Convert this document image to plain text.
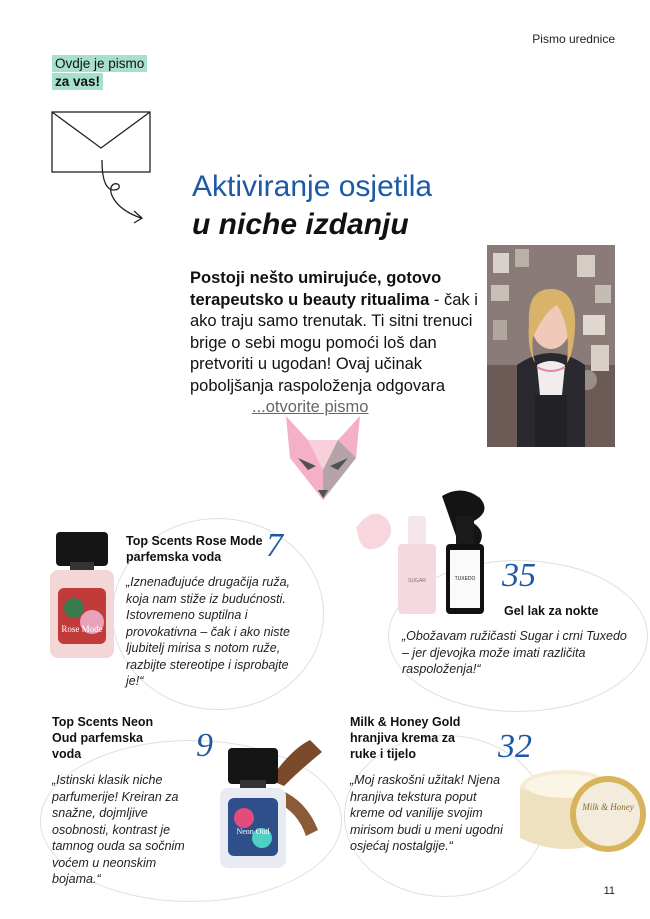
Pismo urednice
Ovdje je pismo
za vas!
Aktiviranje osjetila
u niche izdanju
Postoji nešto umirujuće, gotovo terapeutsko u beauty ritualima - čak i ako traju samo trenutak. Ti sitni trenuci brige o sebi mogu pomoći loš dan pretvoriti u ugodan! Ovaj učinak poboljšanja raspoloženja odgovara ...otvorite pismo
Rose Mode
Top Scents Rose Mode parfemska voda	7
„Iznenađujuće drugačija ruža, koja nam stiže iz budućnosti. Istovremeno suptilna i provokativna – čak i ako niste ljubitelj mirisa s notom ruže, razbijte stereotipe i isprobajte je!“
SUGAR	TUXEDO 35
Gel lak za nokte
„Obožavam ružičasti Sugar i crni Tuxedo – jer djevojka može imati različita raspoloženja!“
Top Scents Neon Oud parfemska voda	9
„Istinski klasik niche parfumerije! Kreiran za snažne, dojmljive osobnosti, kontrast je tamnog ouda sa sočnim voćem u neonskim bojama.“
Neon Oud
Milk & Honey Gold hranjiva krema za ruke i tijelo	32
„Moj raskošni užitak! Njena hranjiva tekstura poput kreme od vanilije svojim mirisom budi u meni ugodni osjećaj nostalgije.“
Milk & Honey
11
